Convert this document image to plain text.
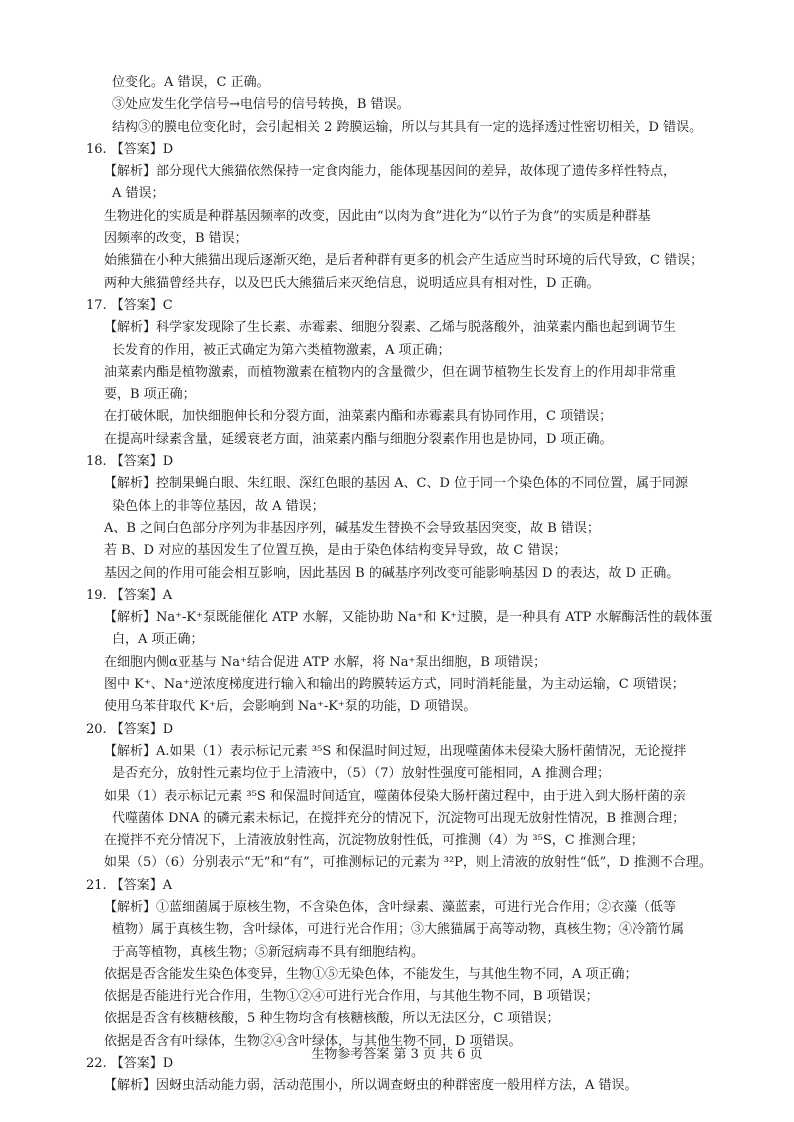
位变化。A 错误，C 正确。
③处应发生化学信号→电信号的信号转换，B 错误。
结构③的膜电位变化时，会引起相关 2 跨膜运输，所以与其具有一定的选择透过性密切相关，D 错误。
16. 【答案】D
【解析】部分现代大熊猫依然保持一定食肉能力，能体现基因间的差异，故体现了遗传多样性特点，
A 错误；
生物进化的实质是种群基因频率的改变，因此由“以肉为食”进化为“以竹子为食”的实质是种群基
因频率的改变，B 错误；
始熊猫在小种大熊猫出现后逐渐灭绝，是后者种群有更多的机会产生适应当时环境的后代导致，C 错误；
两种大熊猫曾经共存，以及巴氏大熊猫后来灭绝信息，说明适应具有相对性，D 正确。
17. 【答案】C
【解析】科学家发现除了生长素、赤霉素、细胞分裂素、乙烯与脱落酸外，油菜素内酯也起到调节生
长发育的作用，被正式确定为第六类植物激素，A 项正确；
油菜素内酯是植物激素，而植物激素在植物内的含量微少，但在调节植物生长发育上的作用却非常重
要，B 项正确；
在打破休眠，加快细胞伸长和分裂方面，油菜素内酯和赤霉素具有协同作用，C 项错误；
在提高叶绿素含量，延缓衰老方面，油菜素内酯与细胞分裂素作用也是协同，D 项正确。
18. 【答案】D
【解析】控制果蝇白眼、朱红眼、深红色眼的基因 A、C、D 位于同一个染色体的不同位置，属于同源
染色体上的非等位基因，故 A 错误；
A、B 之间白色部分序列为非基因序列，碱基发生替换不会导致基因突变，故 B 错误；
若 B、D 对应的基因发生了位置互换，是由于染色体结构变异导致，故 C 错误；
基因之间的作用可能会相互影响，因此基因 B 的碱基序列改变可能影响基因 D 的表达，故 D 正确。
19. 【答案】A
【解析】Na⁺-K⁺泵既能催化 ATP 水解，又能协助 Na⁺和 K⁺过膜，是一种具有 ATP 水解酶活性的载体蛋
白，A 项正确；
在细胞内侧α亚基与 Na⁺结合促进 ATP 水解，将 Na⁺泵出细胞，B 项错误；
图中 K⁺、Na⁺逆浓度梯度进行输入和输出的跨膜转运方式，同时消耗能量，为主动运输，C 项错误；
使用乌苯苷取代 K⁺后，会影响到 Na⁺-K⁺泵的功能，D 项错误。
20. 【答案】D
【解析】A.如果（1）表示标记元素 ³⁵S 和保温时间过短，出现噬菌体未侵染大肠杆菌情况，无论搅拌
是否充分，放射性元素均位于上清液中，（5）（7）放射性强度可能相同，A 推测合理；
如果（1）表示标记元素 ³⁵S 和保温时间适宜，噬菌体侵染大肠杆菌过程中，由于进入到大肠杆菌的亲
代噬菌体 DNA 的磷元素未标记，在搅拌充分的情况下，沉淀物可出现无放射性情况，B 推测合理；
在搅拌不充分情况下，上清液放射性高，沉淀物放射性低，可推测（4）为 ³⁵S，C 推测合理；
如果（5）（6）分别表示“无”和“有”，可推测标记的元素为 ³²P，则上清液的放射性“低”，D 推测不合理。
21. 【答案】A
【解析】①蓝细菌属于原核生物，不含染色体，含叶绿素、藻蓝素，可进行光合作用；②衣藻（低等
植物）属于真核生物，含叶绿体，可进行光合作用；③大熊猫属于高等动物，真核生物；④冷箭竹属
于高等植物，真核生物；⑤新冠病毒不具有细胞结构。
依据是否含能发生染色体变异，生物①⑤无染色体，不能发生，与其他生物不同，A 项正确；
依据是否能进行光合作用，生物①②④可进行光合作用，与其他生物不同，B 项错误；
依据是否含有核糖核酸，5 种生物均含有核糖核酸，所以无法区分，C 项错误；
依据是否含有叶绿体，生物②④含叶绿体，与其他生物不同，D 项错误。
22. 【答案】D
【解析】因蚜虫活动能力弱，活动范围小，所以调查蚜虫的种群密度一般用样方法，A 错误。
生物参考答案 第 3 页 共 6 页
